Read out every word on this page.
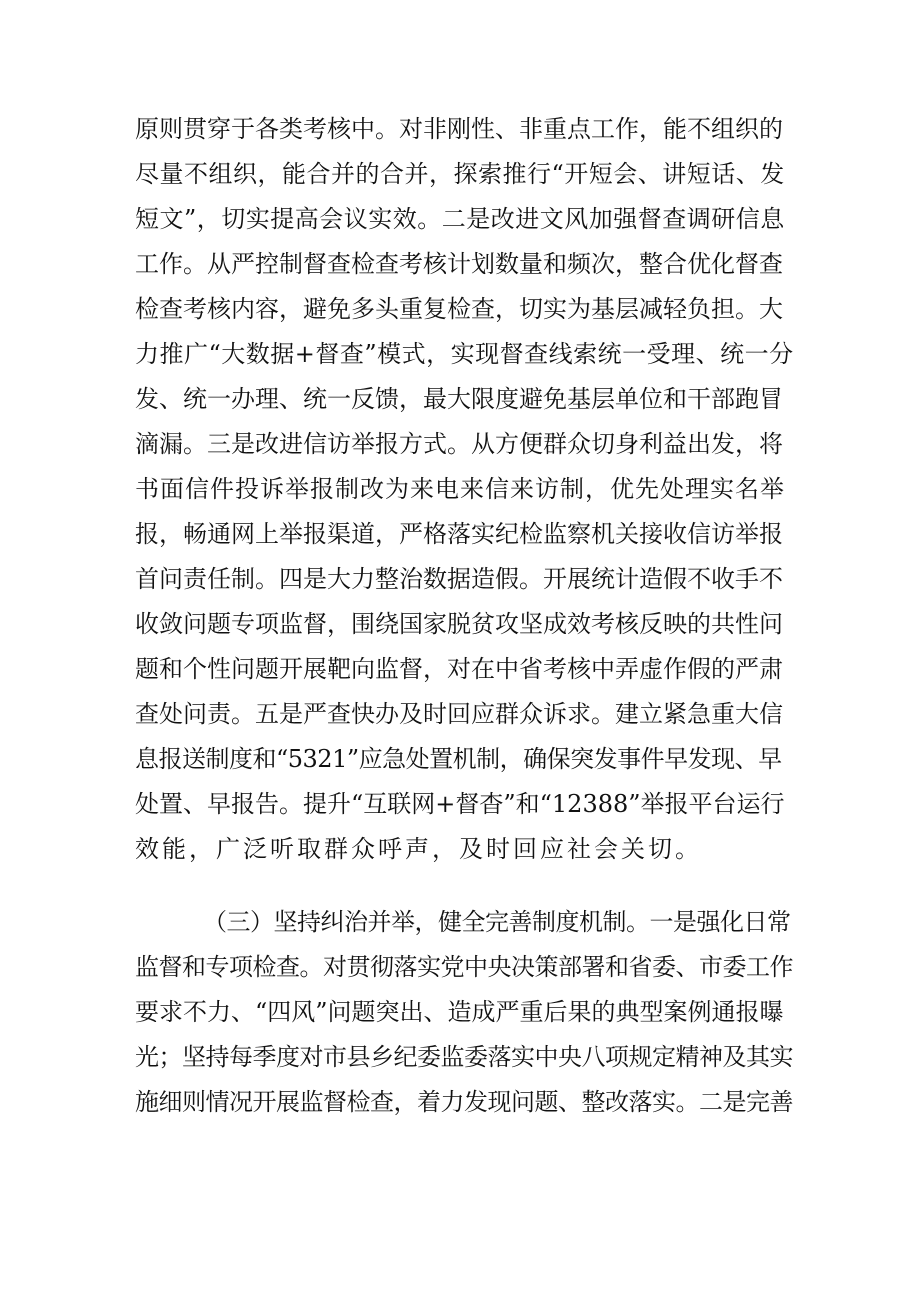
原则贯穿于各类考核中。对非刚性、非重点工作，能不组织的
尽量不组织，能合并的合并，探索推行“开短会、讲短话、发
短文”，切实提高会议实效。二是改进文风加强督查调研信息
工作。从严控制督查检查考核计划数量和频次，整合优化督查
检查考核内容，避免多头重复检查，切实为基层减轻负担。大
力推广“大数据+督查”模式，实现督查线索统一受理、统一分
发、统一办理、统一反馈，最大限度避免基层单位和干部跑冒
滴漏。三是改进信访举报方式。从方便群众切身利益出发，将
书面信件投诉举报制改为来电来信来访制，优先处理实名举
报，畅通网上举报渠道，严格落实纪检监察机关接收信访举报
首问责任制。四是大力整治数据造假。开展统计造假不收手不
收敛问题专项监督，围绕国家脱贫攻坚成效考核反映的共性问
题和个性问题开展靶向监督，对在中省考核中弄虚作假的严肃
查处问责。五是严查快办及时回应群众诉求。建立紧急重大信
息报送制度和“5321”应急处置机制，确保突发事件早发现、早
处置、早报告。提升“互联网+督杳”和“12388”举报平台运行
效能，广泛听取群众呼声，及时回应社会关切。
（三）坚持纠治并举，健全完善制度机制。一是强化日常
监督和专项检查。对贯彻落实党中央决策部署和省委、市委工作
要求不力、“四风”问题突出、造成严重后果的典型案例通报曝
光；坚持每季度对市县乡纪委监委落实中央八项规定精神及其实
施细则情况开展监督检查，着力发现问题、整改落实。二是完善
